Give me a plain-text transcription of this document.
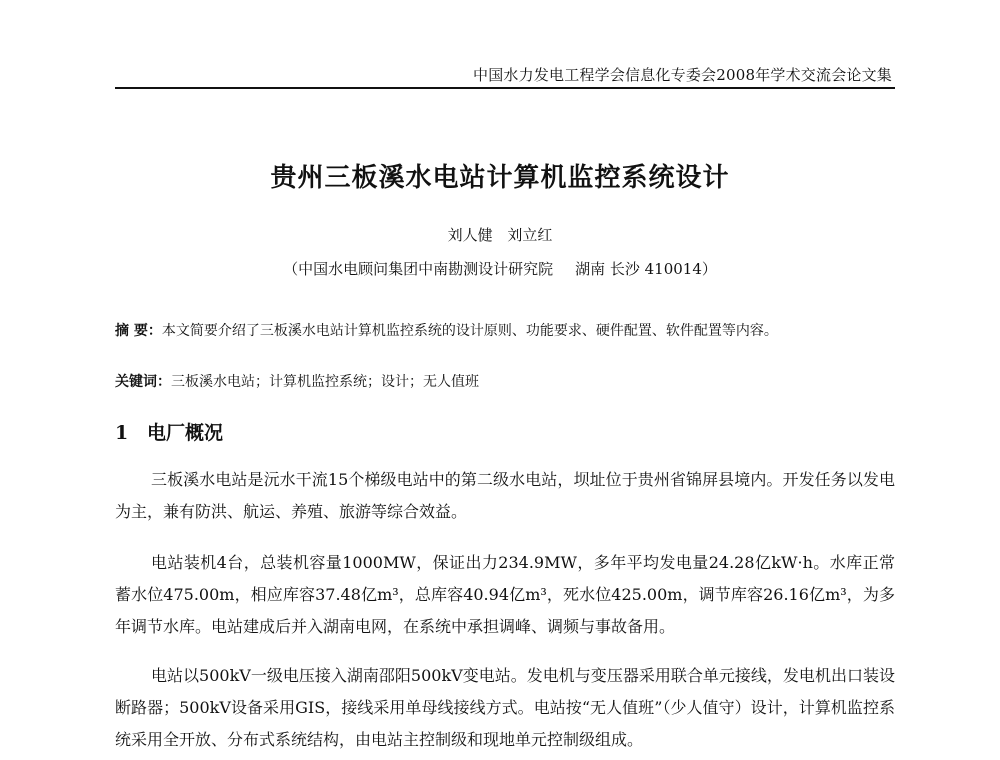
中国水力发电工程学会信息化专委会2008年学术交流会论文集
贵州三板溪水电站计算机监控系统设计
刘人健 刘立红
（中国水电顾问集团中南勘测设计研究院 湖南 长沙 410014）
摘 要：本文简要介绍了三板溪水电站计算机监控系统的设计原则、功能要求、硬件配置、软件配置等内容。
关键词：三板溪水电站；计算机监控系统；设计；无人值班
1 电厂概况

三板溪水电站是沅水干流15个梯级电站中的第二级水电站，坝址位于贵州省锦屏县境内。开发任务以发电为主，兼有防洪、航运、养殖、旅游等综合效益。

电站装机4台，总装机容量1000MW，保证出力234.9MW，多年平均发电量24.28亿kW·h。水库正常蓄水位475.00m，相应库容37.48亿m³，总库容40.94亿m³，死水位425.00m，调节库容26.16亿m³，为多年调节水库。电站建成后并入湖南电网，在系统中承担调峰、调频与事故备用。

电站以500kV一级电压接入湖南邵阳500kV变电站。发电机与变压器采用联合单元接线，发电机出口装设断路器；500kV设备采用GIS，接线采用单母线接线方式。电站按“无人值班”（少人值守）设计，计算机监控系统采用全开放、分布式系统结构，由电站主控制级和现地单元控制级组成。
